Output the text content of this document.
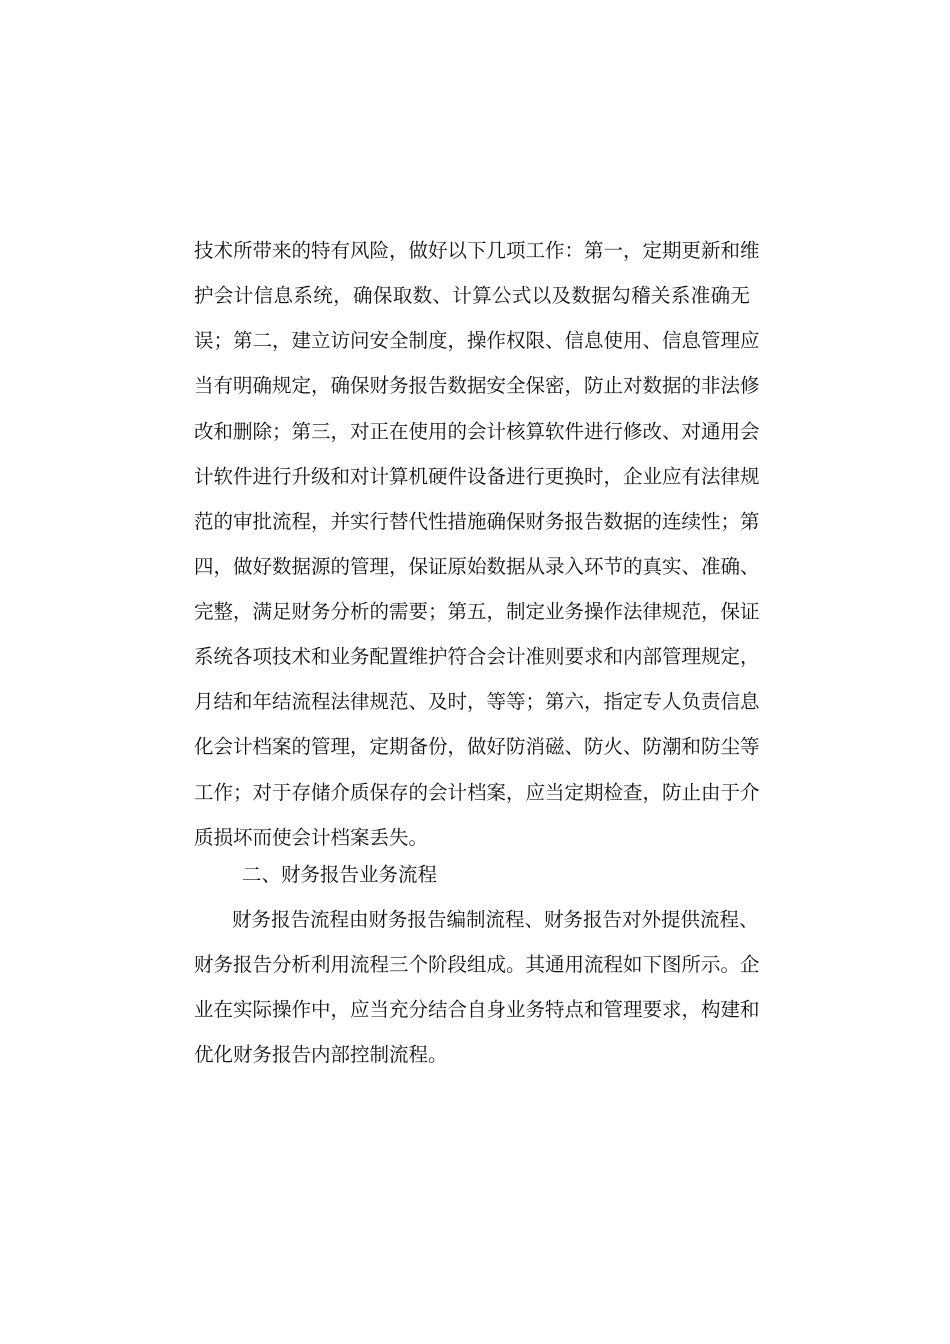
技术所带来的特有风险，做好以下几项工作：第一，定期更新和维
护会计信息系统，确保取数、计算公式以及数据勾稽关系准确无
误；第二，建立访问安全制度，操作权限、信息使用、信息管理应
当有明确规定，确保财务报告数据安全保密，防止对数据的非法修
改和删除；第三，对正在使用的会计核算软件进行修改、对通用会
计软件进行升级和对计算机硬件设备进行更换时，企业应有法律规
范的审批流程，并实行替代性措施确保财务报告数据的连续性；第
四，做好数据源的管理，保证原始数据从录入环节的真实、准确、
完整，满足财务分析的需要；第五，制定业务操作法律规范，保证
系统各项技术和业务配置维护符合会计准则要求和内部管理规定，
月结和年结流程法律规范、及时，等等；第六，指定专人负责信息
化会计档案的管理，定期备份，做好防消磁、防火、防潮和防尘等
工作；对于存储介质保存的会计档案，应当定期检查，防止由于介
质损坏而使会计档案丢失。
二、财务报告业务流程
财务报告流程由财务报告编制流程、财务报告对外提供流程、
财务报告分析利用流程三个阶段组成。其通用流程如下图所示。企
业在实际操作中，应当充分结合自身业务特点和管理要求，构建和
优化财务报告内部控制流程。
